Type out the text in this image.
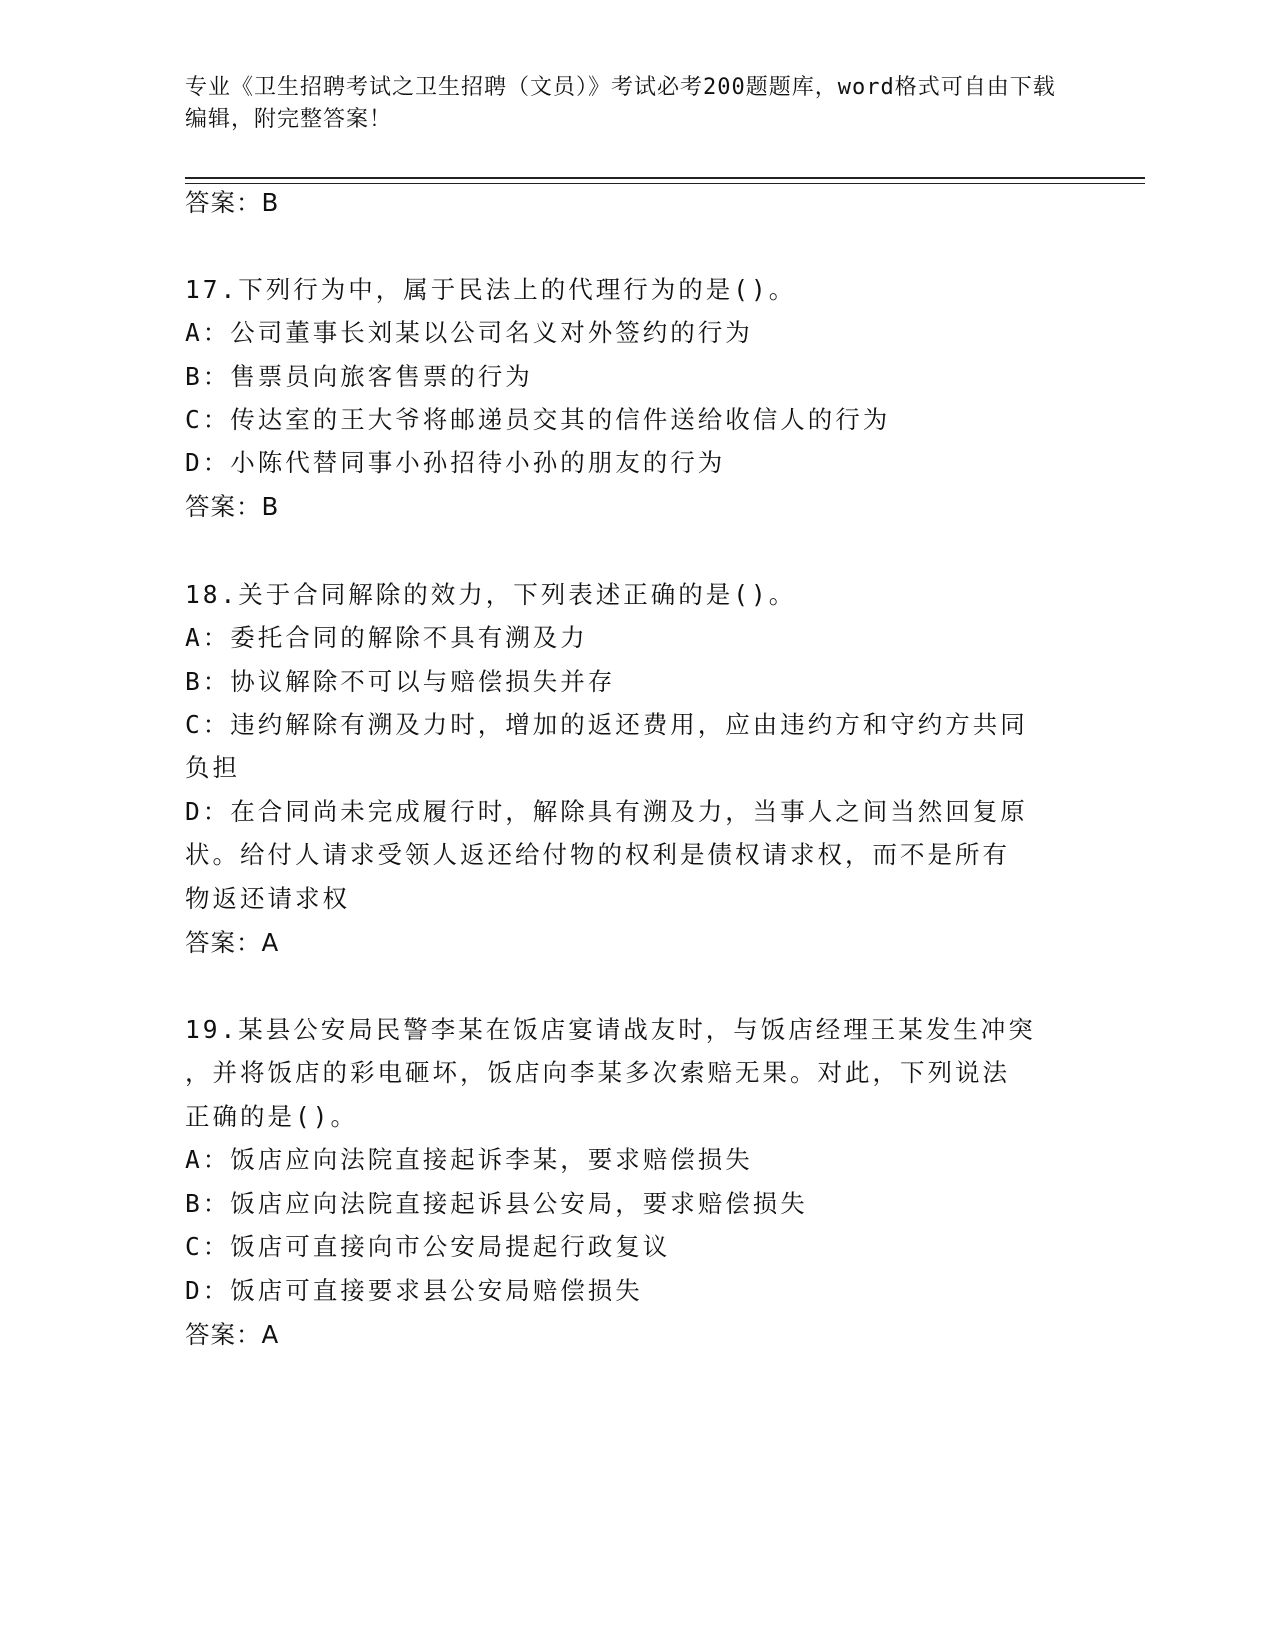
专业《卫生招聘考试之卫生招聘（文员）》考试必考200题题库，word格式可自由下载编辑，附完整答案！
答案：B
17.下列行为中，属于民法上的代理行为的是()。
A：公司董事长刘某以公司名义对外签约的行为
B：售票员向旅客售票的行为
C：传达室的王大爷将邮递员交其的信件送给收信人的行为
D：小陈代替同事小孙招待小孙的朋友的行为
答案：B
18.关于合同解除的效力，下列表述正确的是()。
A：委托合同的解除不具有溯及力
B：协议解除不可以与赔偿损失并存
C：违约解除有溯及力时，增加的返还费用，应由违约方和守约方共同
负担
D：在合同尚未完成履行时，解除具有溯及力，当事人之间当然回复原
状。给付人请求受领人返还给付物的权利是债权请求权，而不是所有
物返还请求权
答案：A
19.某县公安局民警李某在饭店宴请战友时，与饭店经理王某发生冲突
，并将饭店的彩电砸坏，饭店向李某多次索赔无果。对此，下列说法
正确的是()。
A：饭店应向法院直接起诉李某，要求赔偿损失
B：饭店应向法院直接起诉县公安局，要求赔偿损失
C：饭店可直接向市公安局提起行政复议
D：饭店可直接要求县公安局赔偿损失
答案：A
